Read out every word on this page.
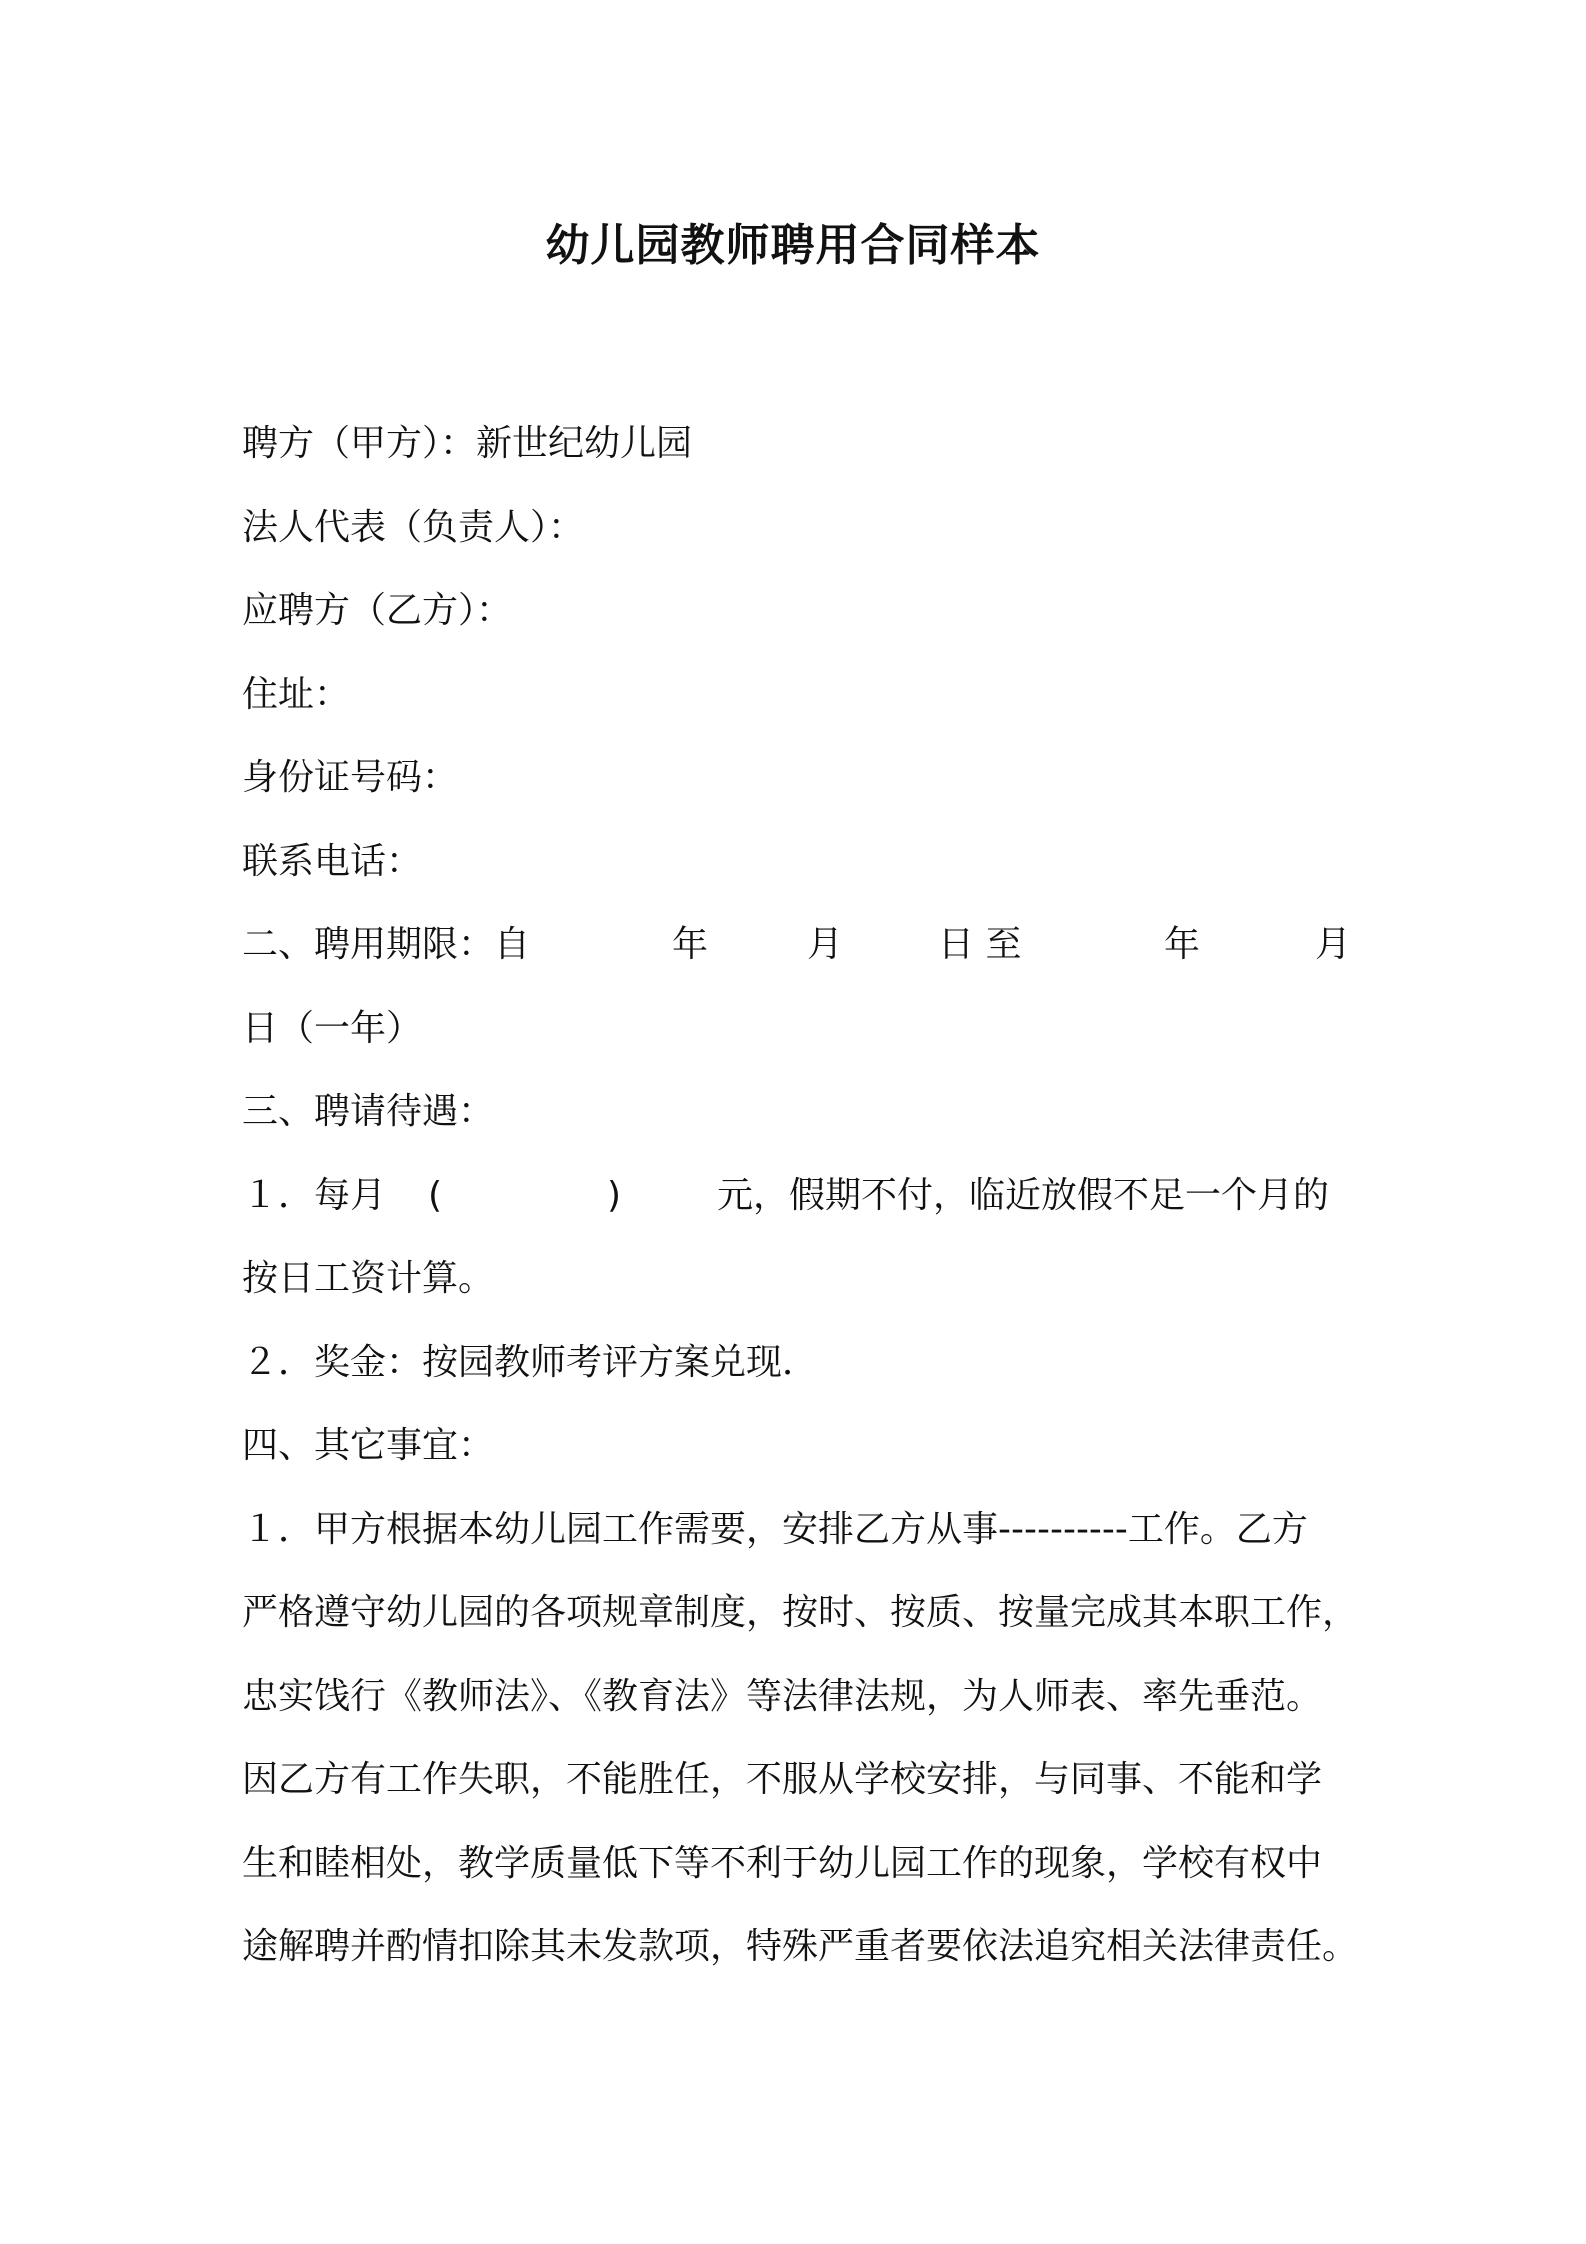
幼儿园教师聘用合同样本
聘方（甲方）：新世纪幼儿园
法人代表（负责人）：
应聘方（乙方）：
住址：
身份证号码：
联系电话：
二、聘用期限：自	年	月	日 至	年	月
日（一年）
三、聘请待遇：
１．每月 (	)	元，假期不付，临近放假不足一个月的
按日工资计算。
２．奖金：按园教师考评方案兑现．
四、其它事宜：
１．甲方根据本幼儿园工作需要，安排乙方从事----------工作。乙方
严格遵守幼儿园的各项规章制度，按时、按质、按量完成其本职工作，
忠实饯行《教师法》、《教育法》等法律法规，为人师表、率先垂范。
因乙方有工作失职，不能胜任，不服从学校安排，与同事、不能和学
生和睦相处，教学质量低下等不利于幼儿园工作的现象，学校有权中
途解聘并酌情扣除其未发款项，特殊严重者要依法追究相关法律责任。
